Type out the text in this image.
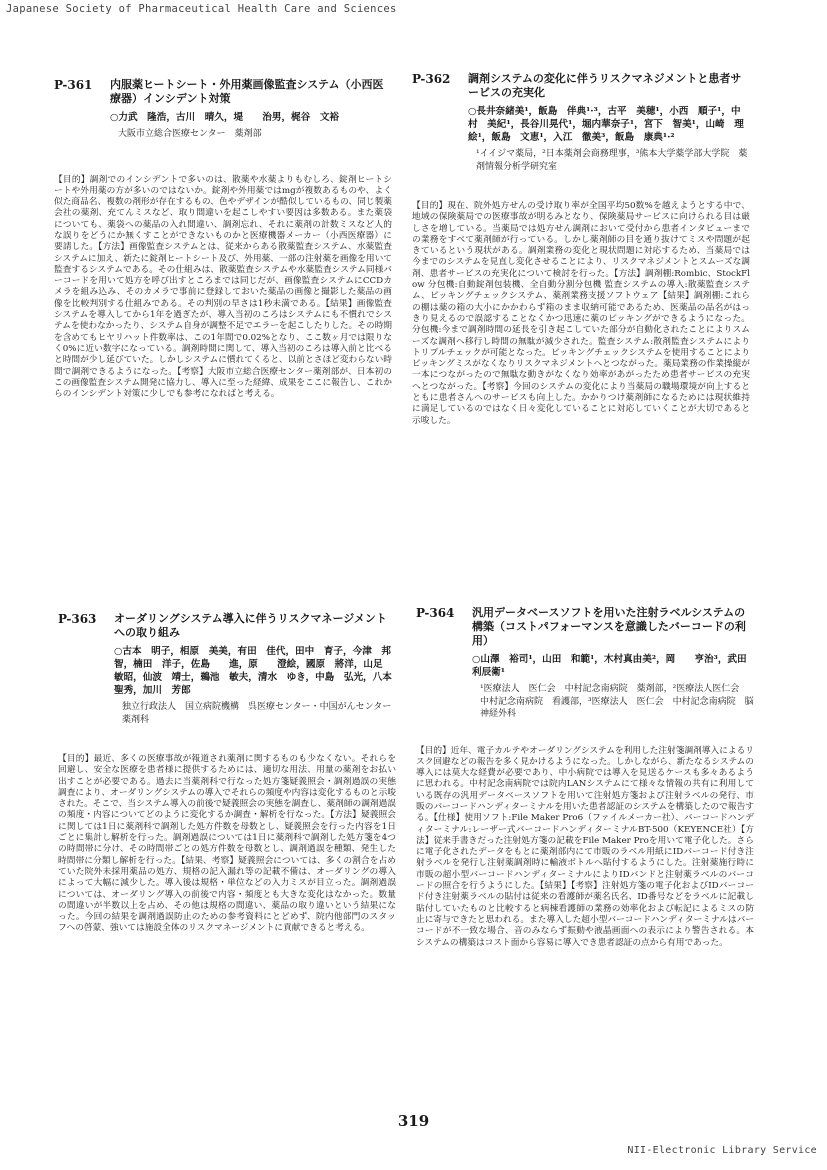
Japanese Society of Pharmaceutical Health Care and Sciences
P-361 内服薬ヒートシート・外用薬画像監査システム（小西医療器）インシデント対策
○力武　隆浩，古川　晴久，堤　　治男，梶谷　文裕
大阪市立総合医療センター　薬剤部
【目的】調剤でのインシデントで多いのは、散薬や水薬よりもむしろ、錠剤ヒートシートや外用薬の方が多いのではないか。錠剤や外用薬ではmgが複数あるものや、よく似た商品名、複数の剤形が存在するもの、色やデザインが酷似しているもの、同じ製薬会社の薬剤、充てんミスなど、取り間違いを起こしやすい要因は多数ある。また薬袋についても、薬袋への薬品の入れ間違い、調剤忘れ、それに薬剤の計数ミスなど人的な誤りをどうにか無くすことができないものかと医療機器メーカー（小西医療器）に要請した。【方法】画像監査システムとは、従来からある散薬監査システム、水薬監査システムに加え、新たに錠剤ヒートシート及び、外用薬、一部の注射薬を画像を用いて監査するシステムである。その仕組みは、散薬監査システムや水薬監査システム同様バーコードを用いて処方を呼び出すところまでは同じだが、画像監査システムにCCDカメラを組み込み、そのカメラで事前に登録しておいた薬品の画像と撮影した薬品の画像を比較判別する仕組みである。その判別の早さは1秒未満である。【結果】画像監査システムを導入してから1年を過ぎたが、導入当初のころはシステムにも不慣れでシステムを使わなかったり、システム自身が調整不足でエラーを起こしたりした。その時期を含めてもヒヤリハット件数率は、この1年間で0.02%となり、ここ数ヶ月では限りなく0%に近い数字になっている。調剤時間に関して、導入当初のころは導入前と比べると時間が少し延びていた。しかしシステムに慣れてくると、以前とさほど変わらない時間で調剤できるようになった。【考察】大阪市立総合医療センター薬剤部が、日本初のこの画像監査システム開発に協力し、導入に至った経緯、成果をここに報告し、これからのインシデント対策に少しでも参考になればと考える。
P-362 調剤システムの変化に伴うリスクマネジメントと患者サービスの充実化
○長井奈緒美¹，飯島　伴典¹·³，古平　美穂¹，小西　順子¹，中村　美紀¹，長谷川晃代¹，堀内華奈子¹，宮下　智美¹，山崎　理絵¹，飯島　文恵¹，入江　徹美³，飯島　康典¹·²
¹イイジマ薬局，²日本薬剤会商務理事，³熊本大学薬学部大学院　薬剤情報分析学研究室
【目的】現在、院外処方せんの受け取り率が全国平均50数%を越えようとする中で、地域の保険薬局での医療事故が明るみとなり、保険薬局サービスに向けられる目は厳しさを増している。当薬局では処方せん調剤において受付から患者インタビューまでの業務をすべて薬剤師が行っている。しかし薬剤師の目を通り抜けてミスや問題が起きているという現状がある。調剤業務の変化と現状問題に対応するため、当薬局では今までのシステムを見直し変化させることにより、リスクマネジメントとスムーズな調剤、患者サービスの充実化について検討を行った。【方法】調剤棚:Rombic、StockFlow 分包機:自動錠剤包装機、全自動分割分包機 監査システムの導入:散薬監査システム、ピッキングチェックシステム、薬剤業務支援ソフトウェア【結果】調剤棚:これらの棚は薬の箱の大小にかかわらず箱のまま収納可能であるため、医薬品の品名がはっきり見えるので誤認することなくかつ迅速に薬のピッキングができるようになった。分包機:今まで調剤時間の延長を引き起こしていた部分が自動化されたことによりスムーズな調剤へ移行し時間の無駄が減少された。監査システム:散剤監査システムによりトリプルチェックが可能となった。ピッキングチェックシステムを使用することによりピッキングミスがなくなりリスクマネジメントへとつながった。薬局業務の作業操縦が一本につながったので無駄な動きがなくなり効率があがったため患者サービスの充実へとつながった。【考察】今回のシステムの変化により当薬局の職場環境が向上するとともに患者さんへのサービスも向上した。かかりつけ薬剤師になるためには現状維持に満足しているのではなく日々変化していることに対応していくことが大切であると示唆した。
P-363 オーダリングシステム導入に伴うリスクマネージメントへの取り組み
○古本　明子，相原　美美，有田　佳代，田中　育子，今津　邦智，楠田　洋子，佐島　　進，原　　澄絵，國原　將洋，山足　敏昭，仙波　靖士，鵜池　敏夫，清水　ゆき，中島　弘光，八本　聖秀，加川　芳郎
独立行政法人　国立病院機構　呉医療センター・中国がんセンター　薬剤科
【目的】最近、多くの医療事故が報道され薬剤に関するものも少なくない。それらを回避し、安全な医療を患者様に提供するためには、適切な用法、用量の薬剤をお払い出すことが必要である。過去に当薬剤科で行なった処方箋疑義照会・調剤過誤の実態調査により、オーダリングシステムの導入でそれらの頻度や内容は変化するものと示唆された。そこで、当システム導入の前後で疑義照会の実態を調査し、薬剤師の調剤過誤の頻度・内容についてどのように変化するか調査・解析を行なった。【方法】疑義照会に関しては1日に薬剤科で調剤した処方件数を母数とし、疑義照会を行った内容を1日ごとに集計し解析を行った。調剤過誤については1日に薬剤科で調剤した処方箋を4つの時間帯に分け、その時間帯ごとの処方件数を母数とし、調剤過誤を種類、発生した時間帯に分類し解析を行った。【結果、考察】疑義照会については、多くの割合を占めていた院外未採用薬品の処方、規格の記入漏れ等の記載不備は、オーダリングの導入によって大幅に減少した。導入後は規格・単位などの入力ミスが目立った。調剤過誤については、オーダリング導入の前後で内容・頻度とも大きな変化はなかった。数量の間違いが半数以上を占め、その他は規格の間違い、薬品の取り違いという結果になった。今回の結果を調剤過誤防止のための参考資料にとどめず、院内他部門のスタッフへの啓蒙、強いては施設全体のリスクマネージメントに貢献できると考える。
P-364 汎用データベースソフトを用いた注射ラベルシステムの構築（コストパフォーマンスを意識したバーコードの利用）
○山澤　裕司¹，山田　和範¹，木村真由美²，岡　　亨治³，武田利辰衛¹
¹医療法人　医仁会　中村記念南病院　薬剤部，²医療法人医仁会　中村記念南病院　看護部，³医療法人　医仁会　中村記念南病院　脳神経外科
【目的】近年、電子カルテやオーダリングシステムを利用した注射箋調剤導入によるリスク回避などの報告を多く見かけるようになった。しかしながら、新たなるシステムの導入には莫大な経費が必要であり、中小病院では導入を見送るケースも多々あるように思われる。中村記念南病院では院内LANシステムにて様々な情報の共有に利用している既存の汎用データベースソフトを用いて注射処方箋および注射ラベルの発行、市販のバーコードハンディターミナルを用いた患者認証のシステムを構築したので報告する。【仕様】使用ソフト:File Maker Pro6（ファイルメーカー社）、バーコードハンディターミナル:レーザー式バーコードハンディターミナルBT-500（KEYENCE社）【方法】従来手書きだった注射処方箋の記載をFile Maker Proを用いて電子化した。さらに電子化されたデータをもとに薬剤部内にて市販のラベル用紙にIDバーコード付き注射ラベルを発行し注射薬調剤時に輸液ボトルへ貼付するようにした。注射薬施行時に市販の超小型バーコードハンディターミナルによりIDバンドと注射薬ラベルのバーコードの照合を行うようにした。【結果】【考察】注射処方箋の電子化およびIDバーコード付き注射薬ラベルの貼付は従来の看護師が薬名氏名、ID番号などをラベルに記載し貼付していたものと比較すると病棟看護師の業務の効率化および転記によるミスの防止に寄与できたと思われる。また導入した超小型バーコードハンディターミナルはバーコードが不一致な場合、音のみならず振動や液晶画面への表示により警告される。本システムの構築はコスト面から容易に導入でき患者認証の点から有用であった。
319
NII-Electronic Library Service
